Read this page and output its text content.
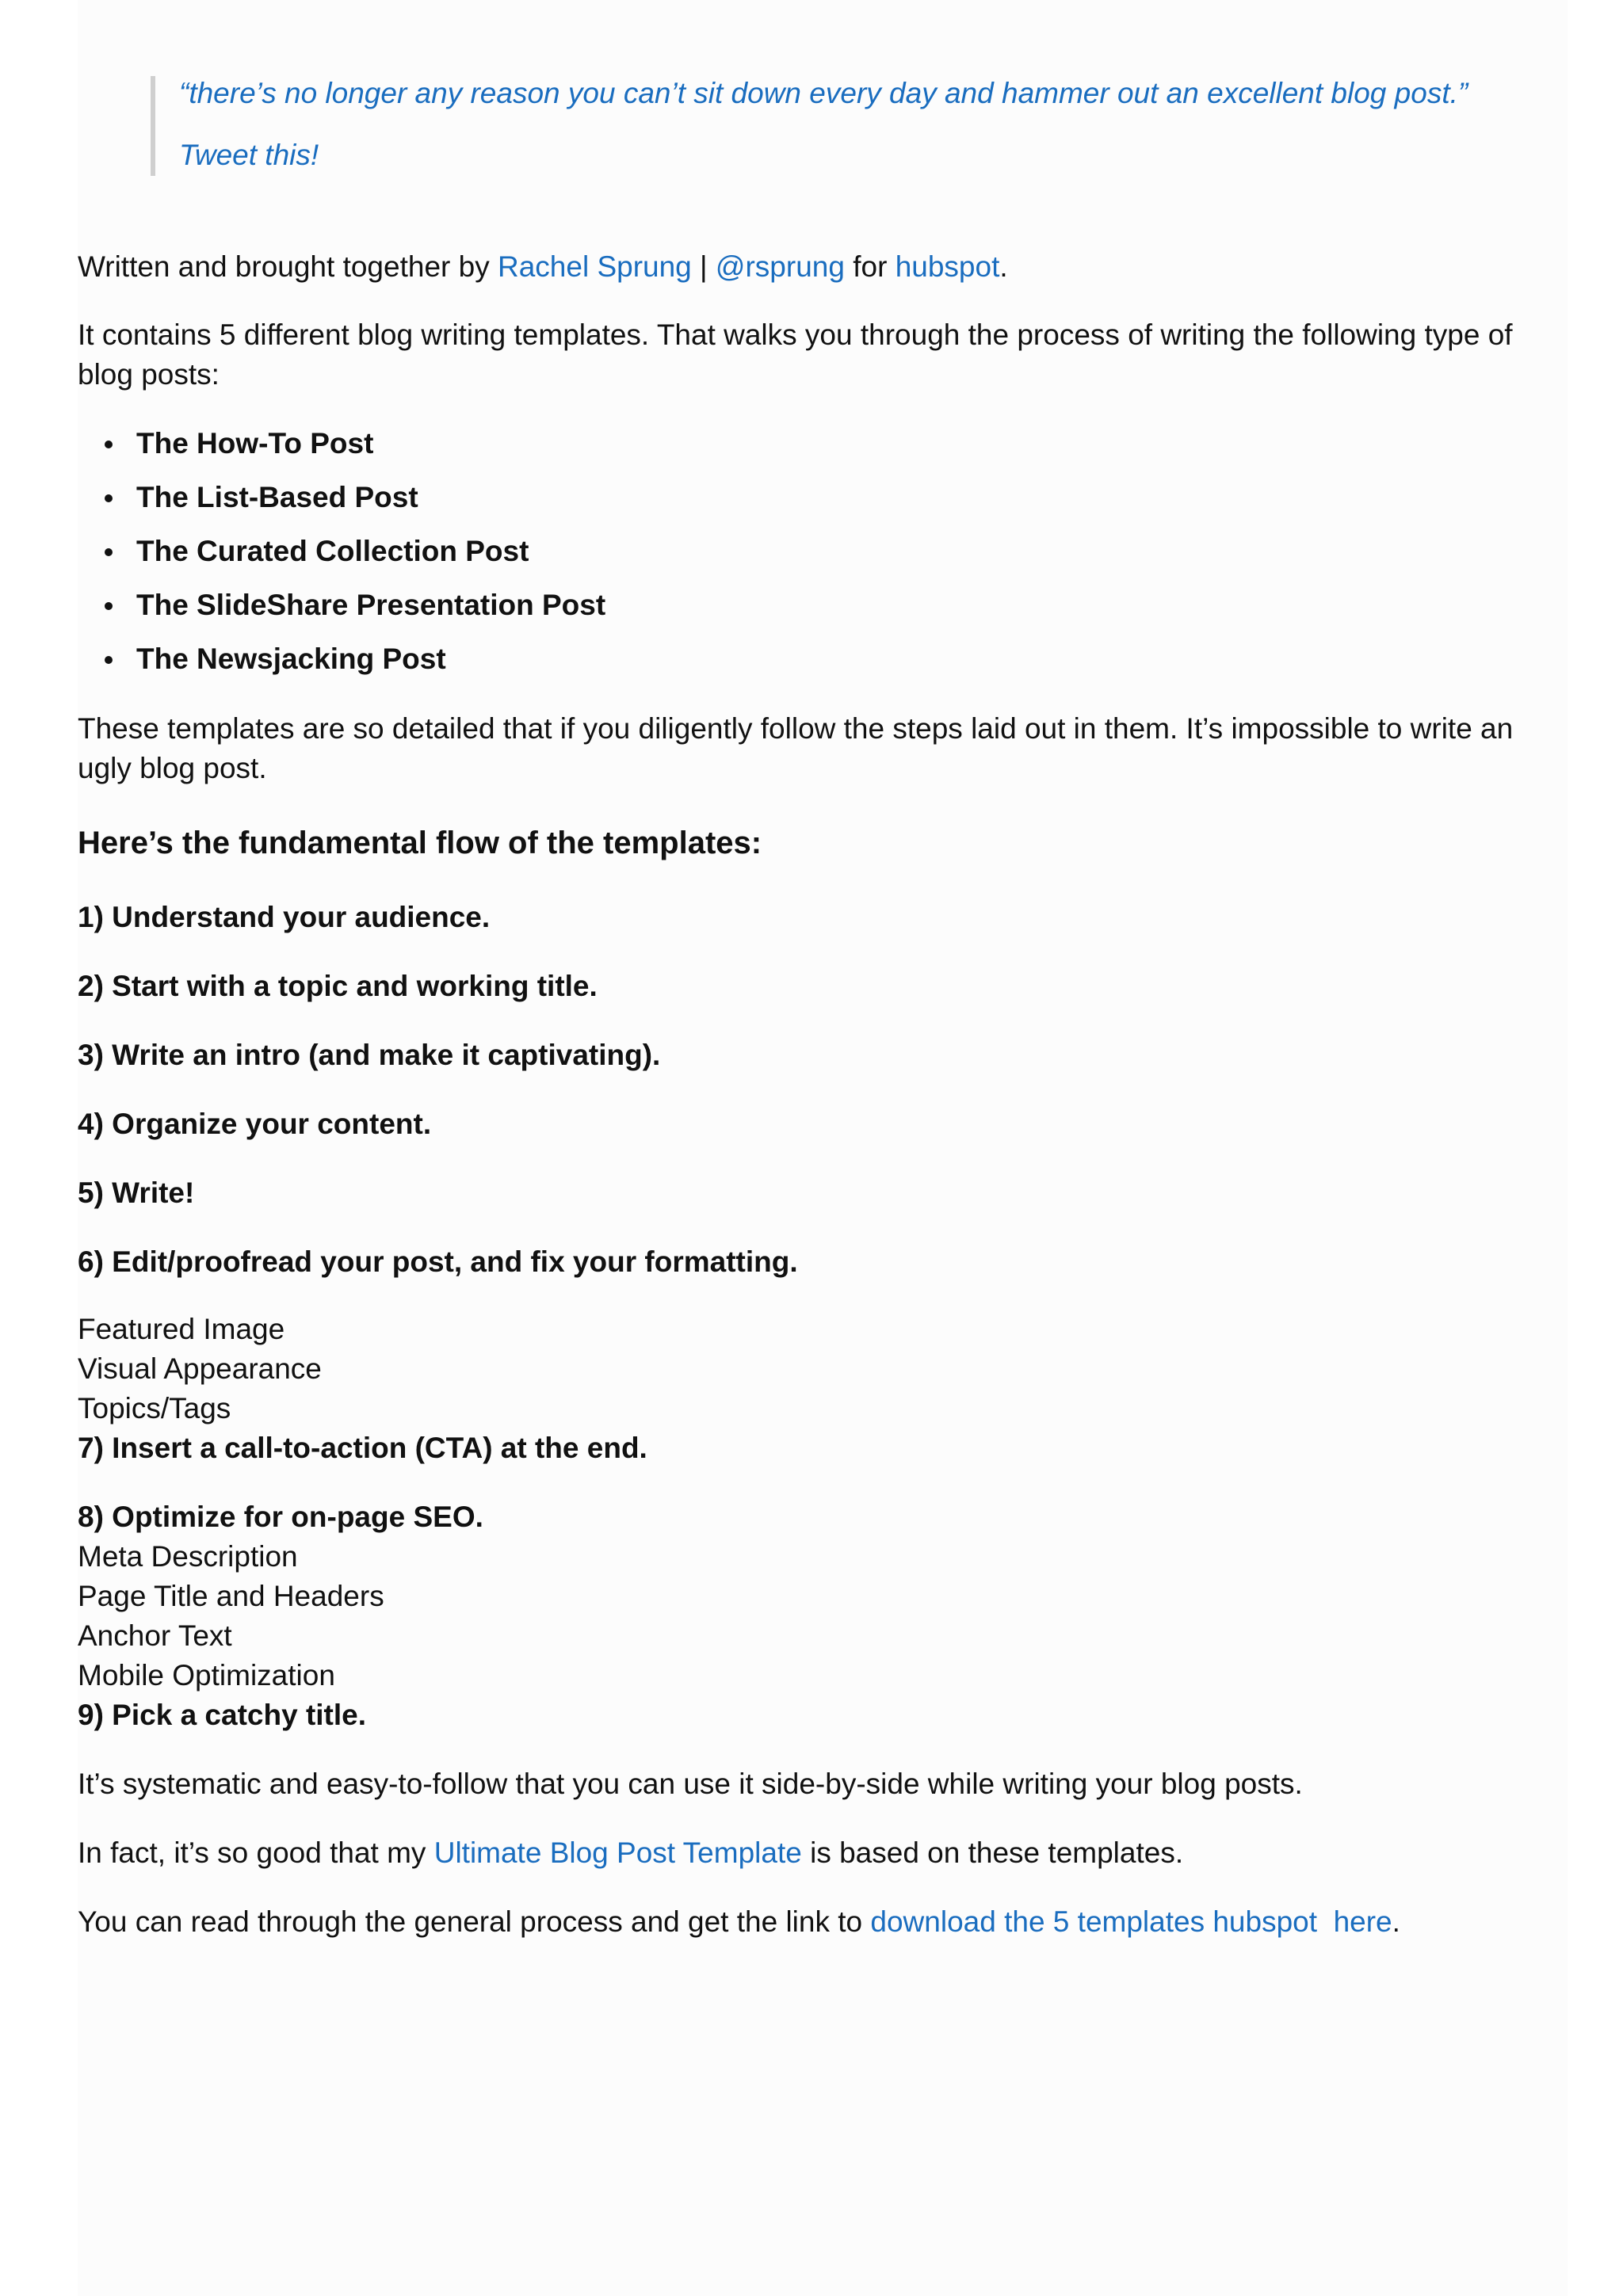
“there’s no longer any reason you can’t sit down every day and hammer out an excellent blog post.”
Tweet this!
Written and brought together by Rachel Sprung | @rsprung for hubspot.
It contains 5 different blog writing templates. That walks you through the process of writing the following type of
blog posts:
The How-To Post
The List-Based Post
The Curated Collection Post
The SlideShare Presentation Post
The Newsjacking Post
These templates are so detailed that if you diligently follow the steps laid out in them. It’s impossible to write an
ugly blog post.
Here’s the fundamental flow of the templates:
1) Understand your audience.
2) Start with a topic and working title.
3) Write an intro (and make it captivating).
4) Organize your content.
5) Write!
6) Edit/proofread your post, and fix your formatting.
Featured Image
Visual Appearance
Topics/Tags
7) Insert a call-to-action (CTA) at the end.
8) Optimize for on-page SEO.
Meta Description
Page Title and Headers
Anchor Text
Mobile Optimization
9) Pick a catchy title.
It’s systematic and easy-to-follow that you can use it side-by-side while writing your blog posts.
In fact, it’s so good that my Ultimate Blog Post Template is based on these templates.
You can read through the general process and get the link to download the 5 templates hubspot  here.
